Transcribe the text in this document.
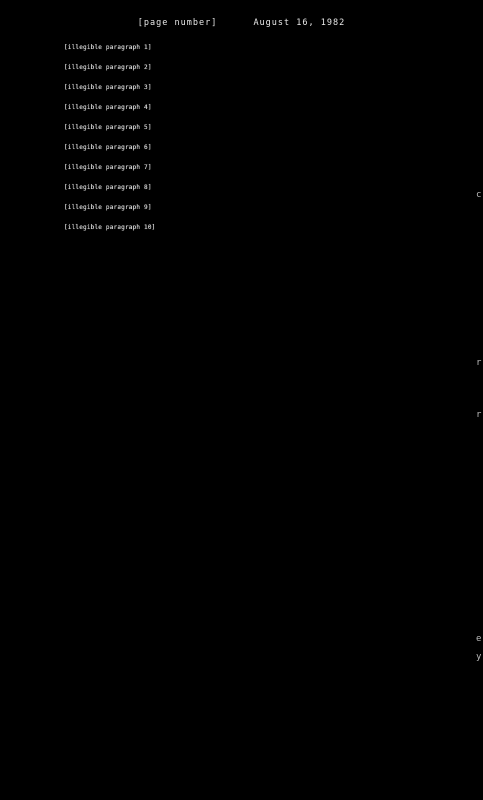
[page number]	August 16, 1982

[illegible paragraph 1]

[illegible paragraph 2]

[illegible paragraph 3]

[illegible paragraph 4]

[illegible paragraph 5]

[illegible paragraph 6]

[illegible paragraph 7]

[illegible paragraph 8]

[illegible paragraph 9]

[illegible paragraph 10]

c
r
r
e
y
